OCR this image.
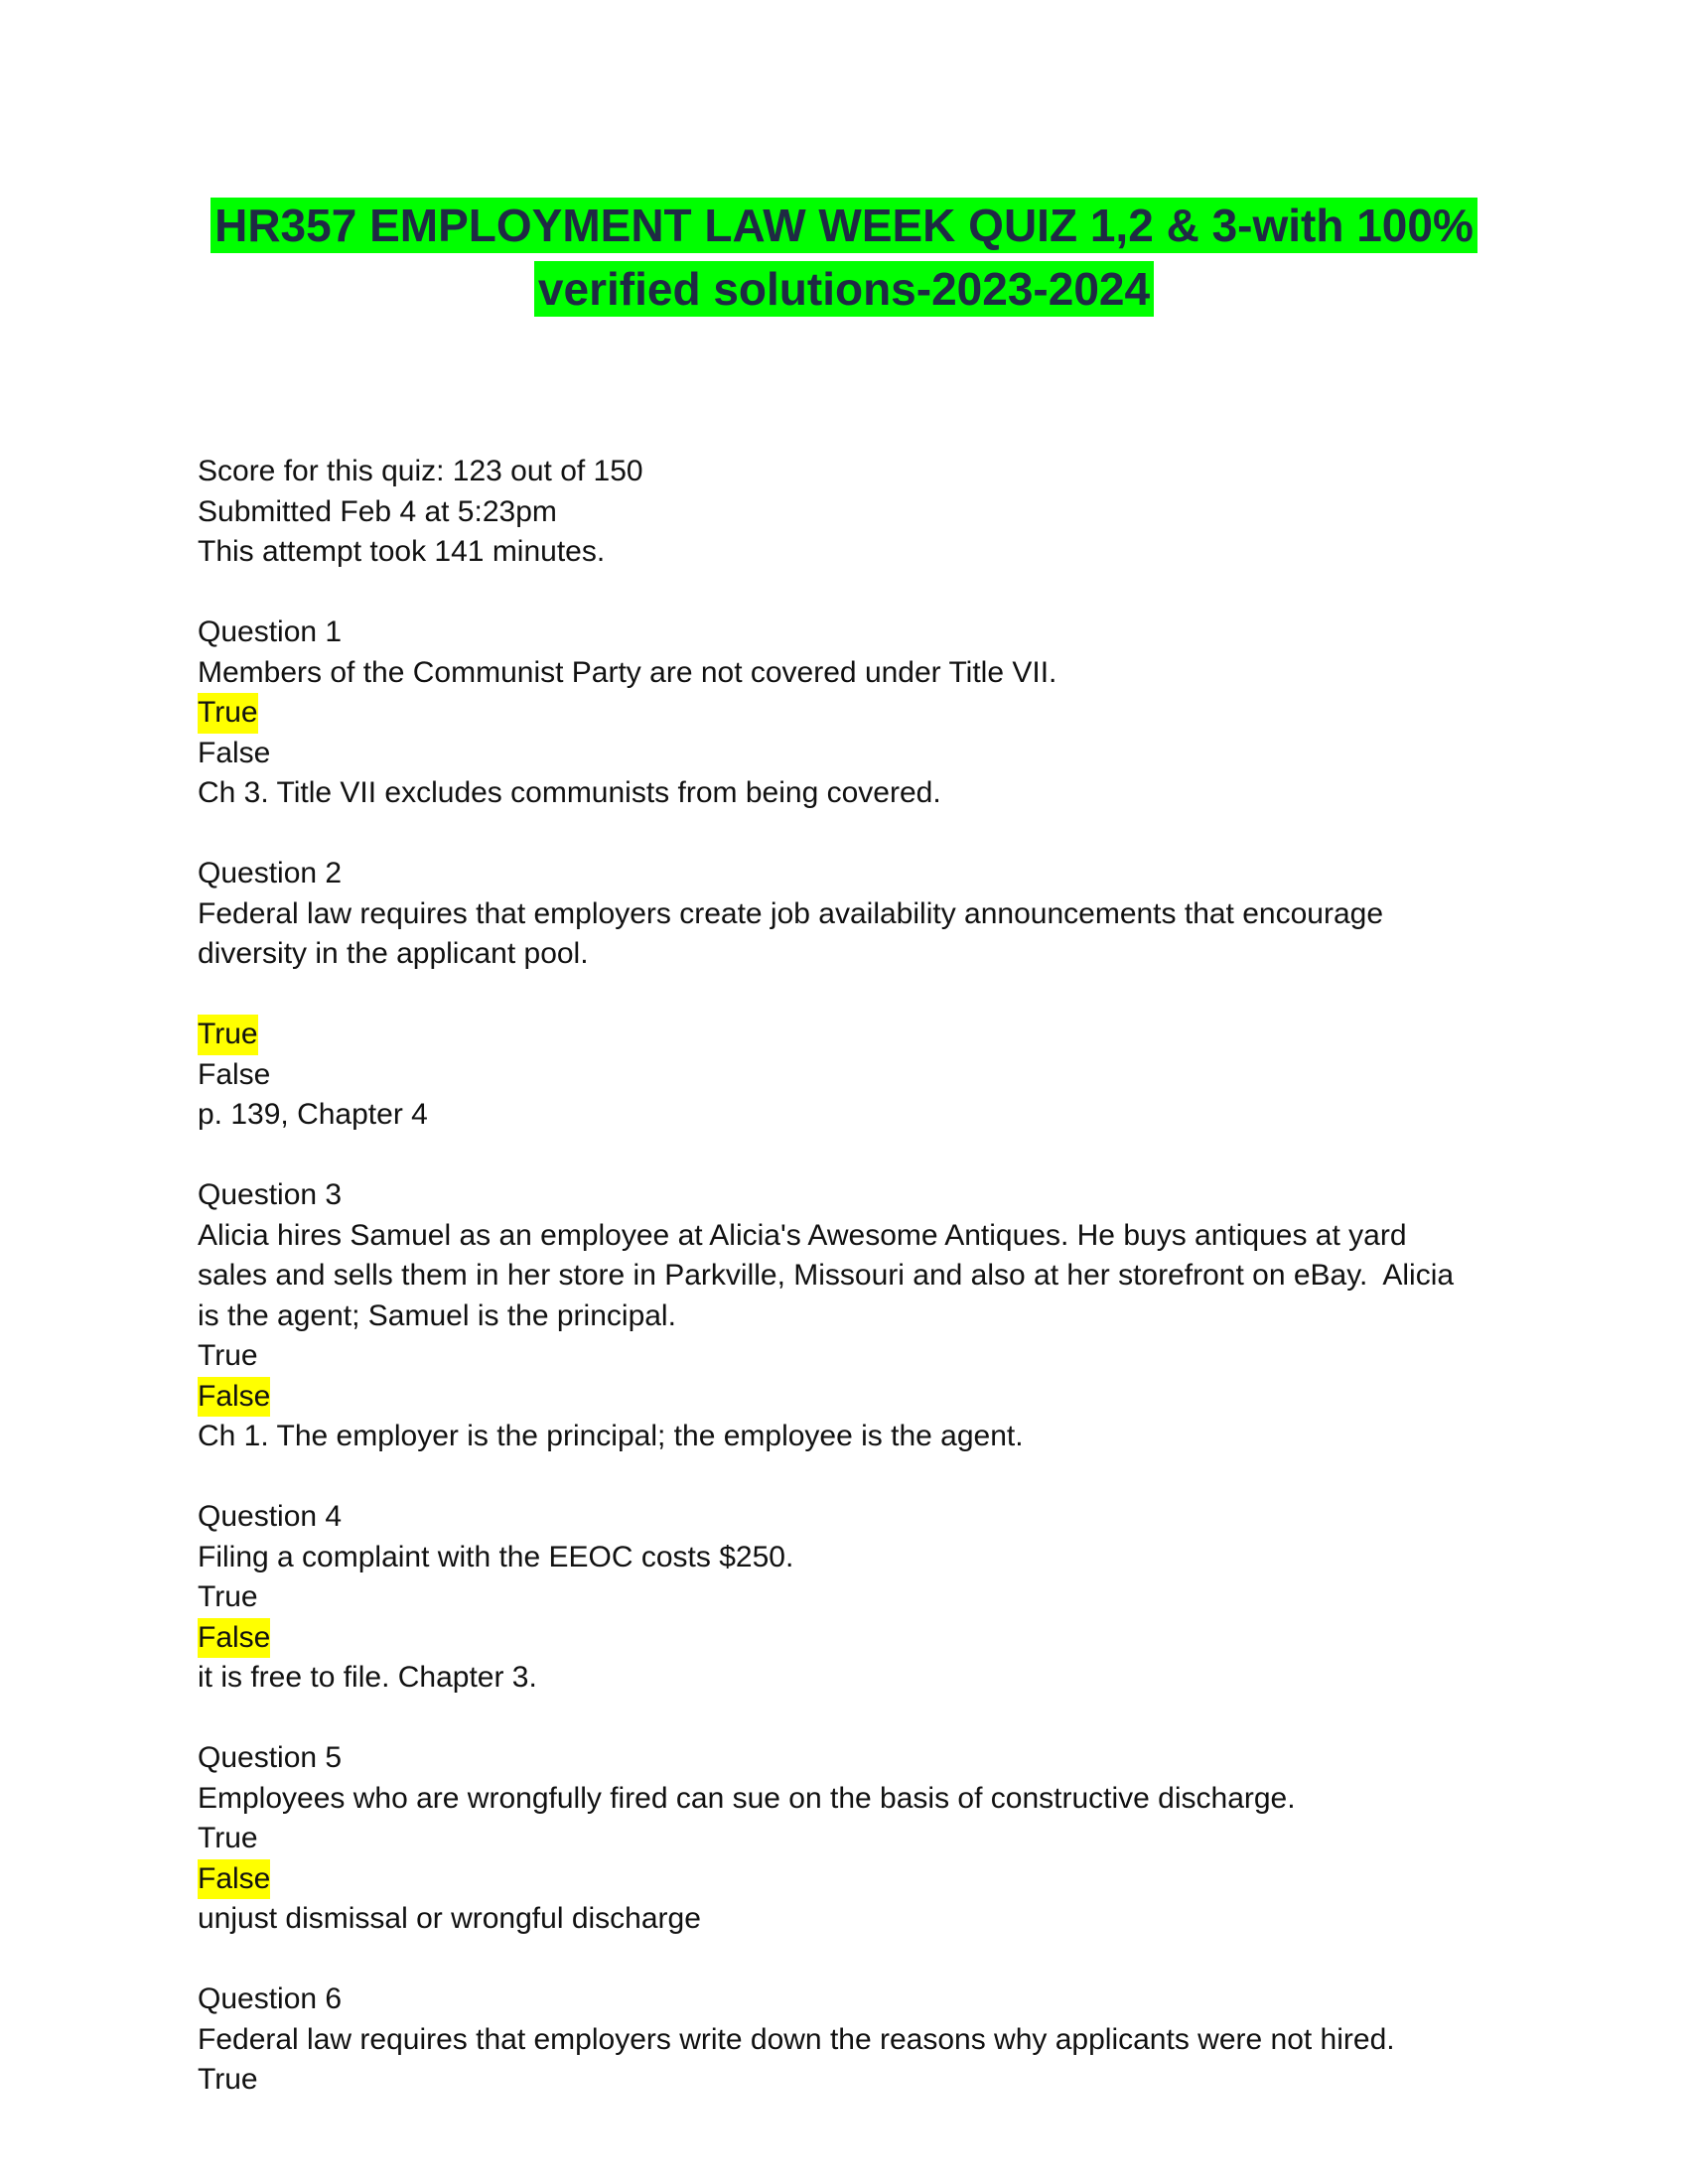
HR357 EMPLOYMENT LAW WEEK QUIZ 1,2 & 3-with 100%
verified solutions-2023-2024
Score for this quiz: 123 out of 150
Submitted Feb 4 at 5:23pm
This attempt took 141 minutes.
Question 1
Members of the Communist Party are not covered under Title VII.
True
False
Ch 3. Title VII excludes communists from being covered.
Question 2
Federal law requires that employers create job availability announcements that encourage
diversity in the applicant pool.
True
False
p. 139, Chapter 4
Question 3
Alicia hires Samuel as an employee at Alicia's Awesome Antiques. He buys antiques at yard
sales and sells them in her store in Parkville, Missouri and also at her storefront on eBay.  Alicia
is the agent; Samuel is the principal.
True
False
Ch 1. The employer is the principal; the employee is the agent.
Question 4
Filing a complaint with the EEOC costs $250.
True
False
it is free to file. Chapter 3.
Question 5
Employees who are wrongfully fired can sue on the basis of constructive discharge.
True
False
unjust dismissal or wrongful discharge
Question 6
Federal law requires that employers write down the reasons why applicants were not hired.
True
